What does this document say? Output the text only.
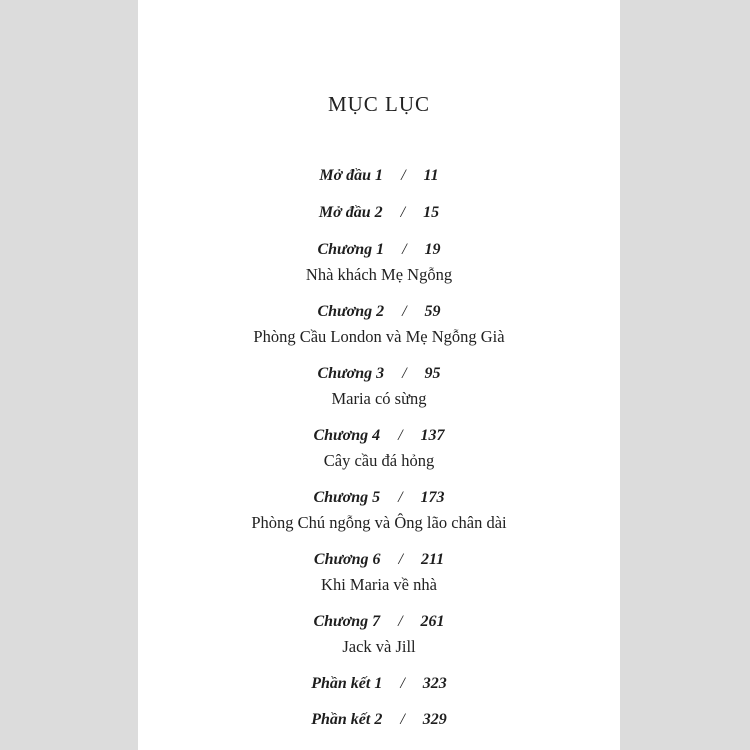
MỤC LỤC
Mở đầu 1 / 11
Mở đầu 2 / 15
Chương 1 / 19
Nhà khách Mẹ Ngỗng
Chương 2 / 59
Phòng Cầu London và Mẹ Ngỗng Già
Chương 3 / 95
Maria có sừng
Chương 4 / 137
Cây cầu đá hỏng
Chương 5 / 173
Phòng Chú ngỗng và Ông lão chân dài
Chương 6 / 211
Khi Maria về nhà
Chương 7 / 261
Jack và Jill
Phần kết 1 / 323
Phần kết 2 / 329
